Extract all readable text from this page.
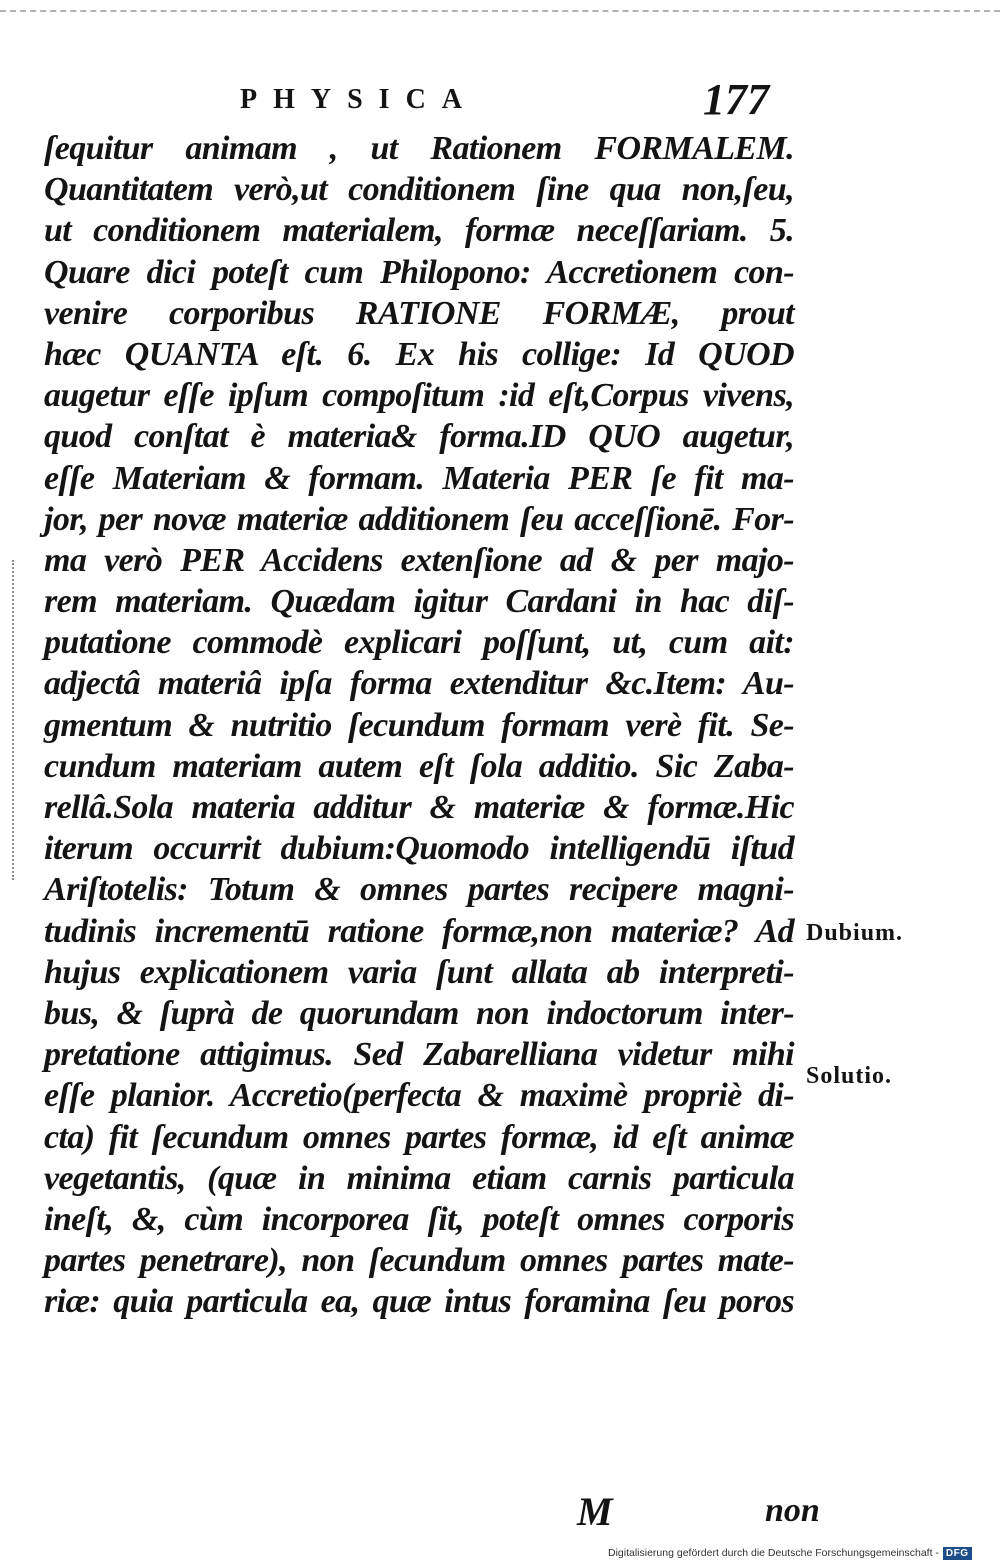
PHYSICA	177
ſequitur animam , ut Rationem FORMALEM.
Quantitatem verò,ut conditionem ſine qua non,ſeu,
ut conditionem materialem, formæ neceſſariam. 5.
Quare dici poteſt cum Philopono: Accretionem con-
venire corporibus RATIONE FORMÆ, prout
hæc QUANTA eſt. 6. Ex his collige: Id QUOD
augetur eſſe ipſum compoſitum :id eſt,Corpus vivens,
quod conſtat è materia& forma.ID QUO augetur,
eſſe Materiam & formam. Materia PER ſe fit ma-
jor, per novæ materiæ additionem ſeu acceſſionē. For-
ma verò PER Accidens extenſione ad & per majo-
rem materiam. Quædam igitur Cardani in hac diſ-
putatione commodè explicari poſſunt, ut, cum ait:
adjectâ materiâ ipſa forma extenditur &c.Item: Au-
gmentum & nutritio ſecundum formam verè fit. Se-
cundum materiam autem eſt ſola additio. Sic Zaba-
rellâ.Sola materia additur & materiæ & formæ.Hic
iterum occurrit dubium:Quomodo intelligendū iſtud
Ariſtotelis: Totum & omnes partes recipere magni-
tudinis incrementū ratione formæ,non materiæ? Ad
hujus explicationem varia ſunt allata ab interpreti-
bus, & ſuprà de quorundam non indoctorum inter-
pretatione attigimus. Sed Zabarelliana videtur mihi
eſſe planior. Accretio(perfecta & maximè propriè di-
cta) fit ſecundum omnes partes formæ, id eſt animæ
vegetantis, (quæ in minima etiam carnis particula
ineſt, &, cùm incorporea ſit, poteſt omnes corporis
partes penetrare), non ſecundum omnes partes mate-
riæ: quia particula ea, quæ intus foramina ſeu poros
Dubium.
Solutio.
M	non
Digitalisierung gefördert durch die Deutsche Forschungsgemeinschaft - DFG
